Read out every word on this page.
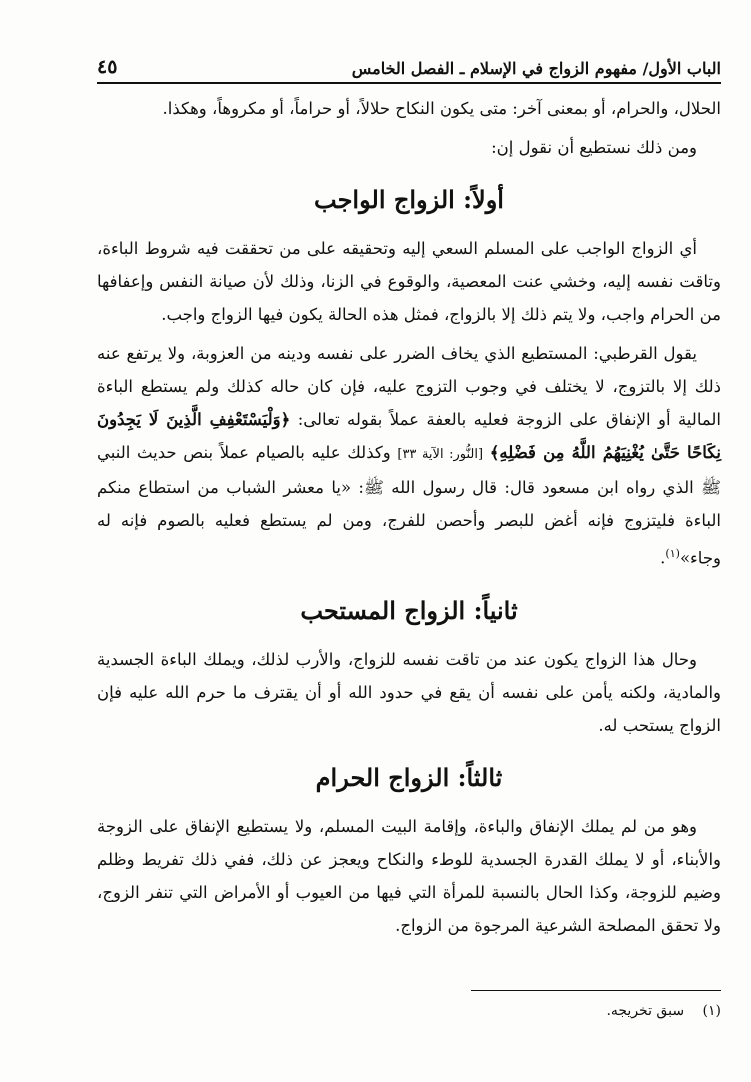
الباب الأول/ مفهوم الزواج في الإسلام ـ الفصل الخامس
٤٥

الحلال، والحرام، أو بمعنى آخر: متى يكون النكاح حلالاً، أو حراماً، أو مكروهاً، وهكذا.

ومن ذلك نستطيع أن نقول إن:

أولاً: الزواج الواجب

أي الزواج الواجب على المسلم السعي إليه وتحقيقه على من تحققت فيه شروط الباءة، وتاقت نفسه إليه، وخشي عنت المعصية، والوقوع في الزنا، وذلك لأن صيانة النفس وإعفافها من الحرام واجب، ولا يتم ذلك إلا بالزواج، فمثل هذه الحالة يكون فيها الزواج واجب.

يقول القرطبي: المستطيع الذي يخاف الضرر على نفسه ودينه من العزوبة، ولا يرتفع عنه ذلك إلا بالتزوج، لا يختلف في وجوب التزوج عليه، فإن كان حاله كذلك ولم يستطع الباءة المالية أو الإنفاق على الزوجة فعليه بالعفة عملاً بقوله تعالى: ﴿وَلْيَسْتَعْفِفِ الَّذِينَ لَا يَجِدُونَ نِكَاحًا حَتَّىٰ يُغْنِيَهُمُ اللَّهُ مِن فَضْلِهِ﴾ [النُّور: الآية ٣٣] وكذلك عليه بالصيام عملاً بنص حديث النبي ﷺ الذي رواه ابن مسعود قال: قال رسول الله ﷺ: «يا معشر الشباب من استطاع منكم الباءة فليتزوج فإنه أغض للبصر وأحصن للفرج، ومن لم يستطع فعليه بالصوم فإنه له وجاء»$^{(١)}$.

ثانياً: الزواج المستحب

وحال هذا الزواج يكون عند من تاقت نفسه للزواج، والأرب لذلك، ويملك الباءة الجسدية والمادية، ولكنه يأمن على نفسه أن يقع في حدود الله أو أن يقترف ما حرم الله عليه فإن الزواج يستحب له.

ثالثاً: الزواج الحرام

وهو من لم يملك الإنفاق والباءة، وإقامة البيت المسلم، ولا يستطيع الإنفاق على الزوجة والأبناء، أو لا يملك القدرة الجسدية للوطء والنكاح ويعجز عن ذلك، ففي ذلك تفريط وظلم وضيم للزوجة، وكذا الحال بالنسبة للمرأة التي فيها من العيوب أو الأمراض التي تنفر الزوج، ولا تحقق المصلحة الشرعية المرجوة من الزواج.

(١) سبق تخريجه.
